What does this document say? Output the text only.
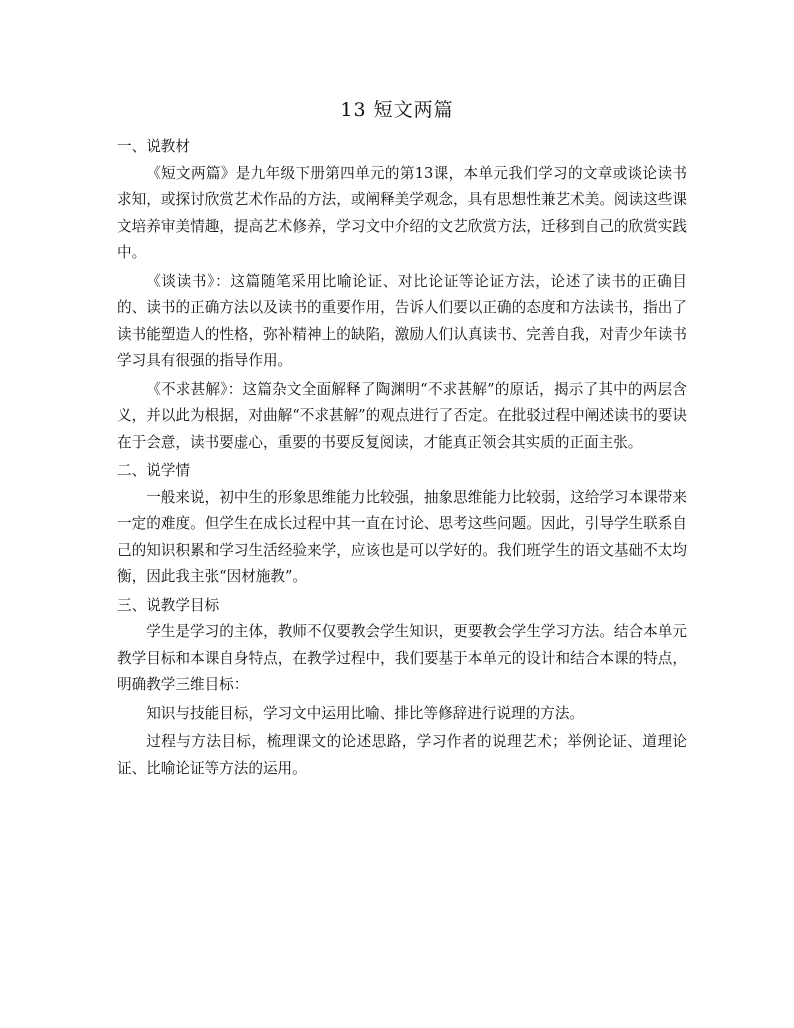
13 短文两篇

一、说教材

《短文两篇》是九年级下册第四单元的第13课，本单元我们学习的文章或谈论读书求知，或探讨欣赏艺术作品的方法，或阐释美学观念，具有思想性兼艺术美。阅读这些课文培养审美情趣，提高艺术修养，学习文中介绍的文艺欣赏方法，迁移到自己的欣赏实践中。

《谈读书》：这篇随笔采用比喻论证、对比论证等论证方法，论述了读书的正确目的、读书的正确方法以及读书的重要作用，告诉人们要以正确的态度和方法读书，指出了读书能塑造人的性格，弥补精神上的缺陷，激励人们认真读书、完善自我，对青少年读书学习具有很强的指导作用。

《不求甚解》：这篇杂文全面解释了陶渊明“不求甚解”的原话，揭示了其中的两层含义，并以此为根据，对曲解“不求甚解”的观点进行了否定。在批驳过程中阐述读书的要诀在于会意，读书要虚心，重要的书要反复阅读，才能真正领会其实质的正面主张。

二、说学情

一般来说，初中生的形象思维能力比较强，抽象思维能力比较弱，这给学习本课带来一定的难度。但学生在成长过程中其一直在讨论、思考这些问题。因此，引导学生联系自己的知识积累和学习生活经验来学，应该也是可以学好的。我们班学生的语文基础不太均衡，因此我主张“因材施教”。

三、说教学目标

学生是学习的主体，教师不仅要教会学生知识，更要教会学生学习方法。结合本单元教学目标和本课自身特点，在教学过程中，我们要基于本单元的设计和结合本课的特点，明确教学三维目标：

知识与技能目标，学习文中运用比喻、排比等修辞进行说理的方法。

过程与方法目标，梳理课文的论述思路，学习作者的说理艺术；举例论证、道理论证、比喻论证等方法的运用。
